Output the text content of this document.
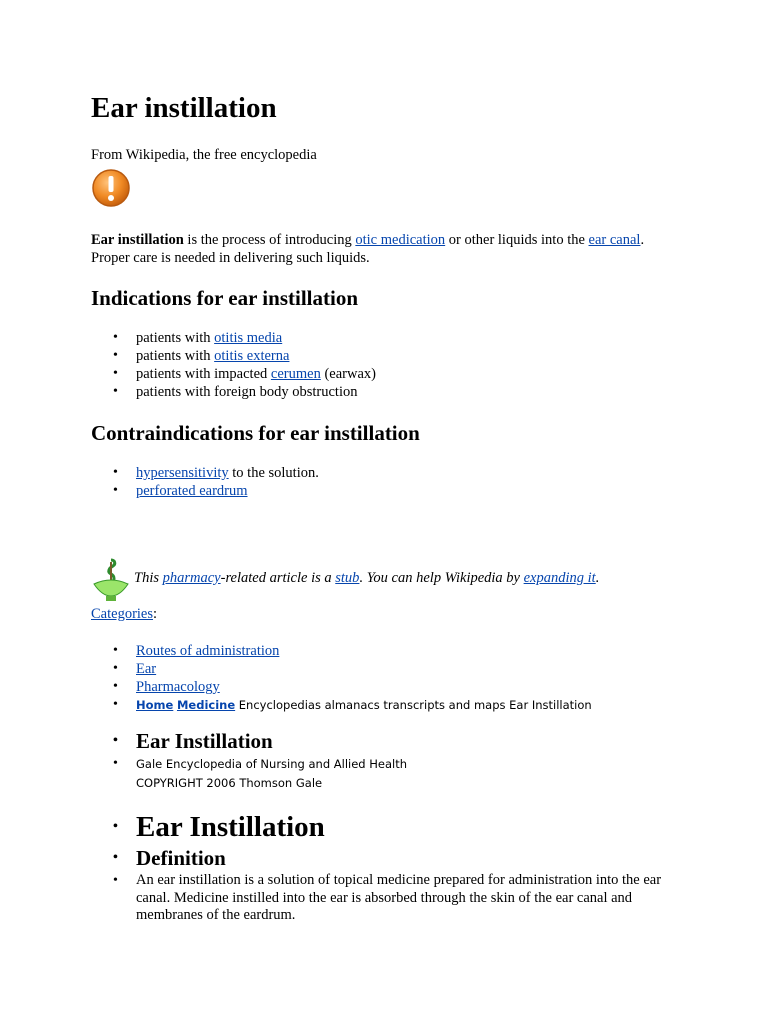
Ear instillation
From Wikipedia, the free encyclopedia
Ear instillation is the process of introducing otic medication or other liquids into the ear canal. Proper care is needed in delivering such liquids.
Indications for ear instillation
• patients with otitis media
• patients with otitis externa
• patients with impacted cerumen (earwax)
• patients with foreign body obstruction
Contraindications for ear instillation
• hypersensitivity to the solution.
• perforated eardrum
This pharmacy-related article is a stub. You can help Wikipedia by expanding it.
Categories:
• Routes of administration
• Ear
• Pharmacology
• Home Medicine Encyclopedias almanacs transcripts and maps Ear Instillation
• Ear Instillation
• Gale Encyclopedia of Nursing and Allied Health
COPYRIGHT 2006 Thomson Gale
• Ear Instillation
• Definition
• An ear instillation is a solution of topical medicine prepared for administration into the ear canal. Medicine instilled into the ear is absorbed through the skin of the ear canal and membranes of the eardrum.
